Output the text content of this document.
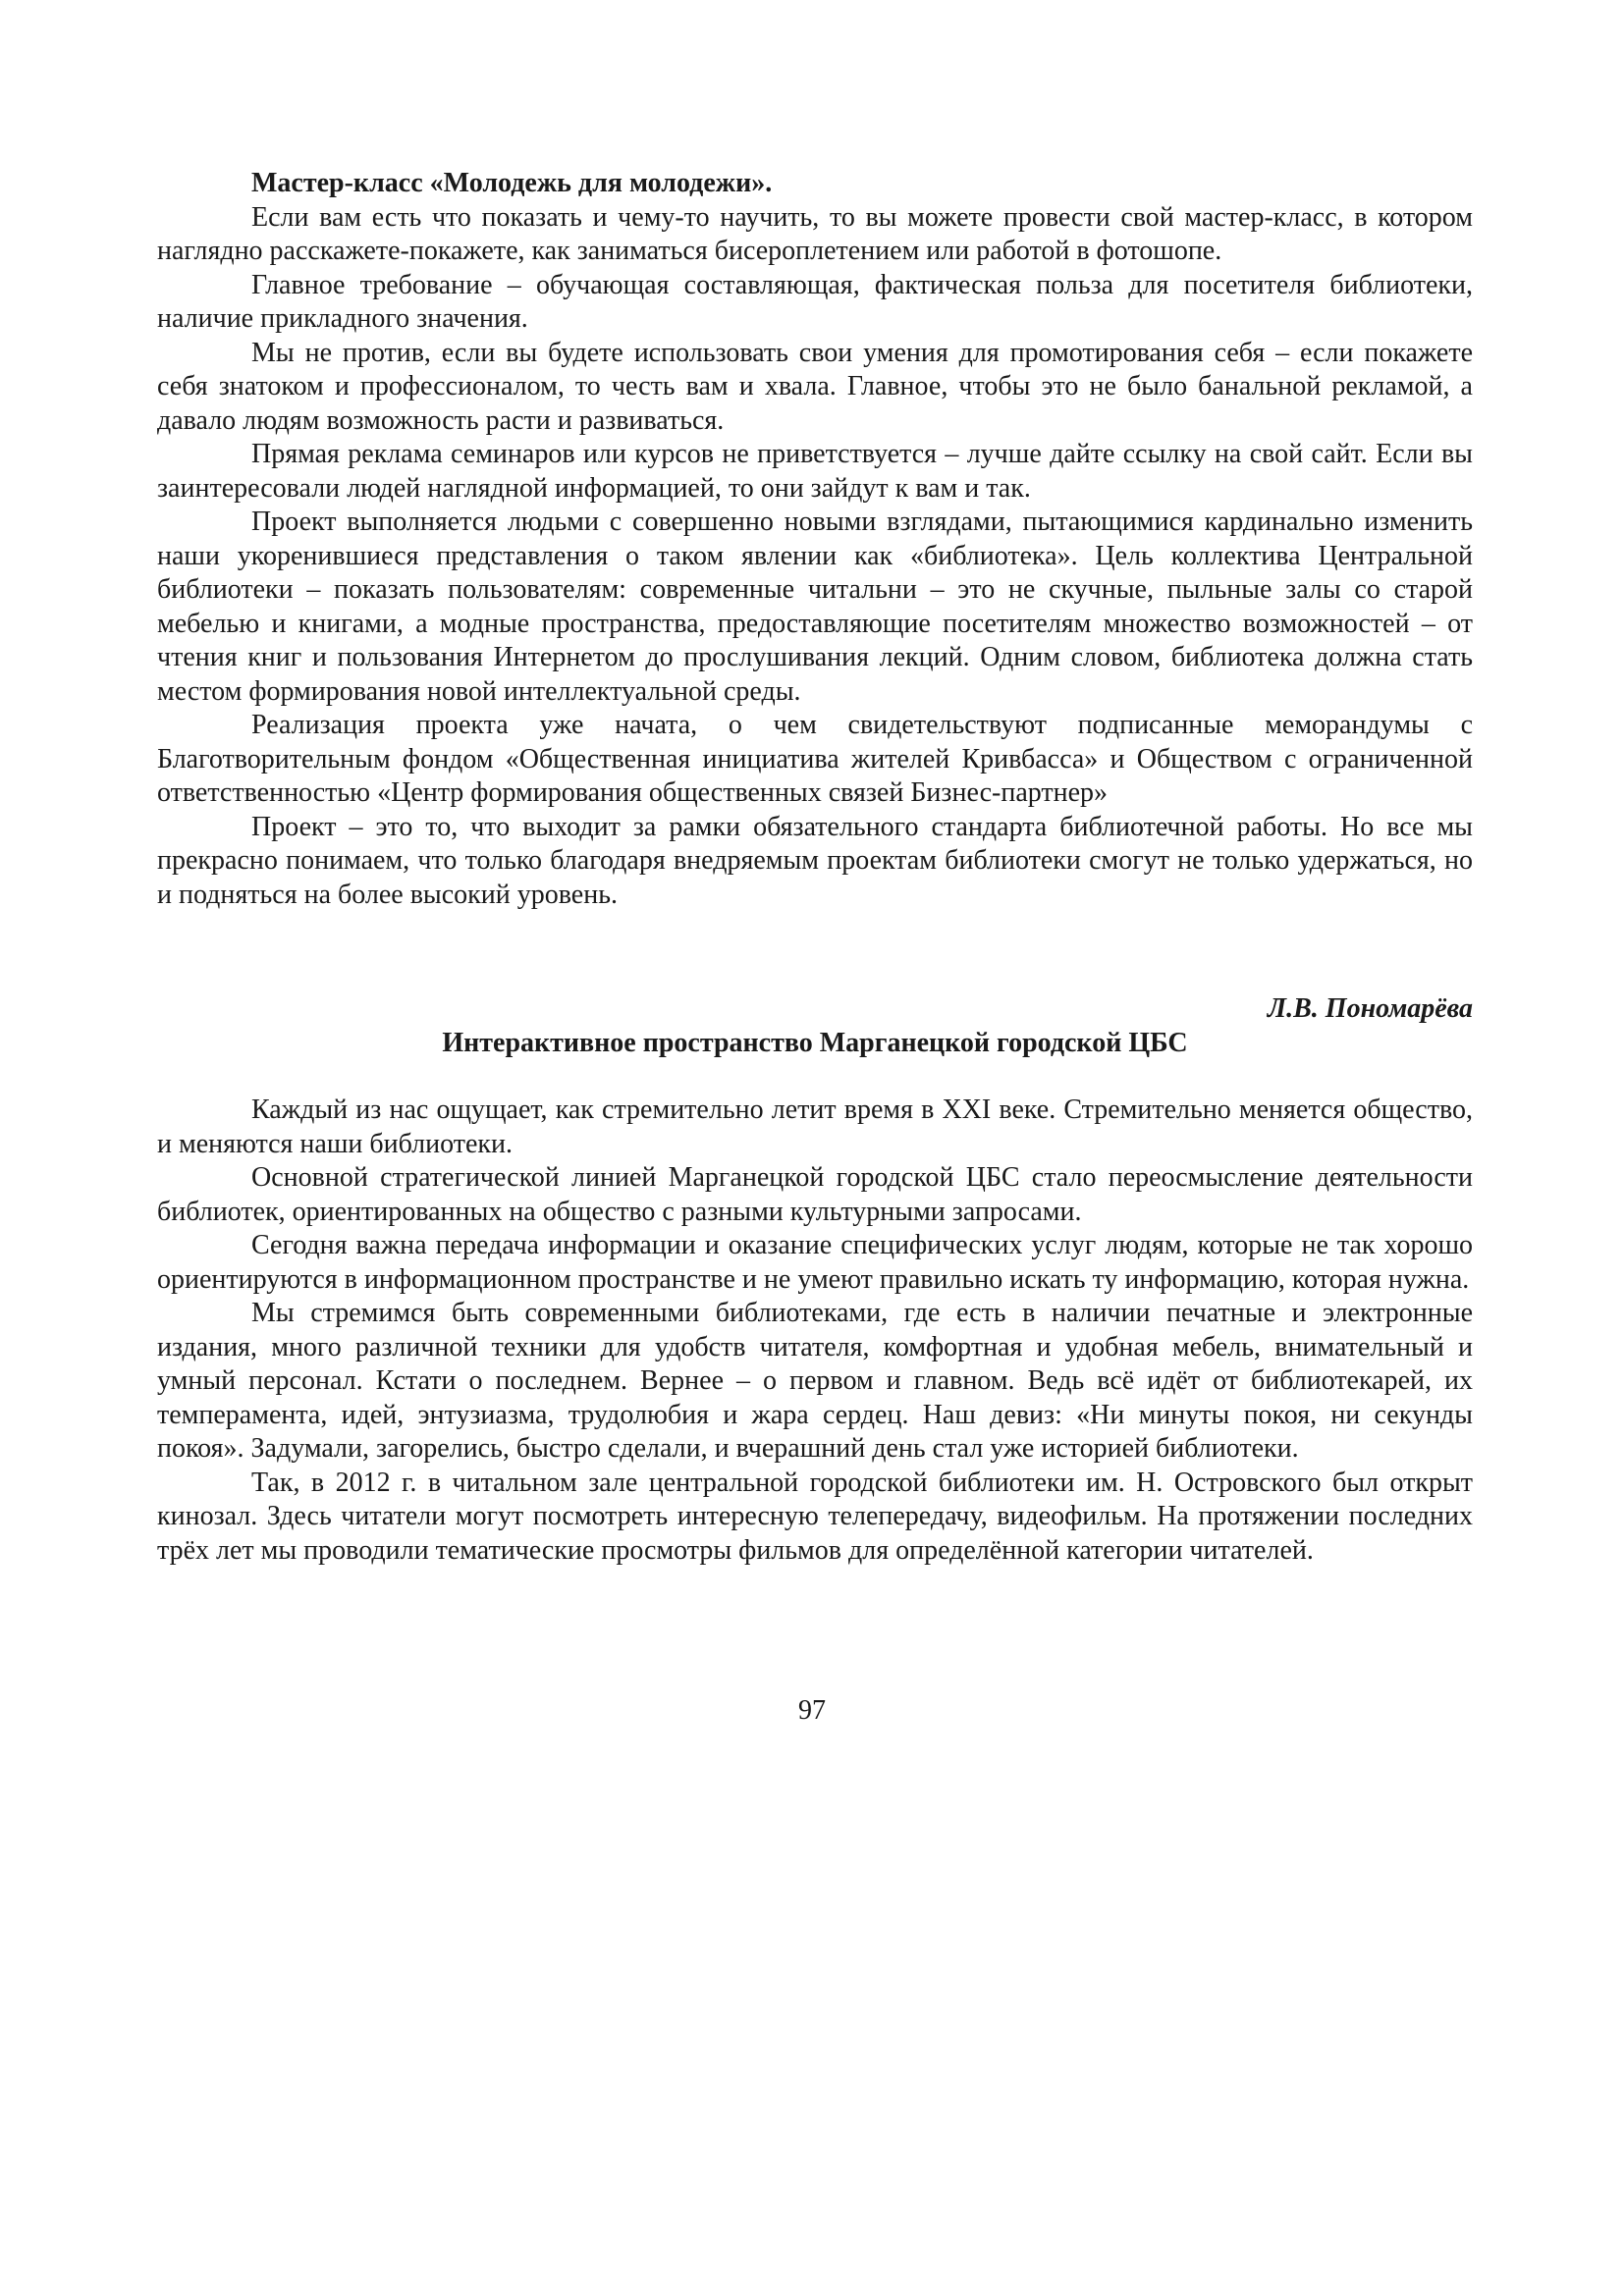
Мастер-класс «Молодежь для молодежи».

Если вам есть что показать и чему-то научить, то вы можете провести свой мастер-класс, в котором наглядно расскажете-покажете, как заниматься бисероплетением или работой в фотошопе.

Главное требование – обучающая составляющая, фактическая польза для посетителя библиотеки, наличие прикладного значения.

Мы не против, если вы будете использовать свои умения для промотирования себя – если покажете себя знатоком и профессионалом, то честь вам и хвала. Главное, чтобы это не было банальной рекламой, а давало людям возможность расти и развиваться.

Прямая реклама семинаров или курсов не приветствуется – лучше дайте ссылку на свой сайт. Если вы заинтересовали людей наглядной информацией, то они зайдут к вам и так.

Проект выполняется людьми с совершенно новыми взглядами, пытающимися кардинально изменить наши укоренившиеся представления о таком явлении как «библиотека». Цель коллектива Центральной библиотеки – показать пользователям: современные читальни – это не скучные, пыльные залы со старой мебелью и книгами, а модные пространства, предоставляющие посетителям множество возможностей – от чтения книг и пользования Интернетом до прослушивания лекций. Одним словом, библиотека должна стать местом формирования новой интеллектуальной среды.

Реализация проекта уже начата, о чем свидетельствуют подписанные меморандумы с Благотворительным фондом «Общественная инициатива жителей Кривбасса» и Обществом с ограниченной ответственностью «Центр формирования общественных связей Бизнес-партнер»

Проект – это то, что выходит за рамки обязательного стандарта библиотечной работы. Но все мы прекрасно понимаем, что только благодаря внедряемым проектам библиотеки смогут не только удержаться, но и подняться на более высокий уровень.

Л.В. Пономарёва

Интерактивное пространство Марганецкой городской ЦБС

Каждый из нас ощущает, как стремительно летит время в XXI веке. Стремительно меняется общество, и меняются наши библиотеки.

Основной стратегической линией Марганецкой городской ЦБС стало переосмысление деятельности библиотек, ориентированных на общество с разными культурными запросами.

Сегодня важна передача информации и оказание специфических услуг людям, которые не так хорошо ориентируются в информационном пространстве и не умеют правильно искать ту информацию, которая нужна.

Мы стремимся быть современными библиотеками, где есть в наличии печатные и электронные издания, много различной техники для удобств читателя, комфортная и удобная мебель, внимательный и умный персонал. Кстати о последнем. Вернее – о первом и главном. Ведь всё идёт от библиотекарей, их темперамента, идей, энтузиазма, трудолюбия и жара сердец. Наш девиз: «Ни минуты покоя, ни секунды покоя». Задумали, загорелись, быстро сделали, и вчерашний день стал уже историей библиотеки.

Так, в 2012 г. в читальном зале центральной городской библиотеки им. Н. Островского был открыт кинозал. Здесь читатели могут посмотреть интересную телепередачу, видеофильм. На протяжении последних трёх лет мы проводили тематические просмотры фильмов для определённой категории читателей.

97
